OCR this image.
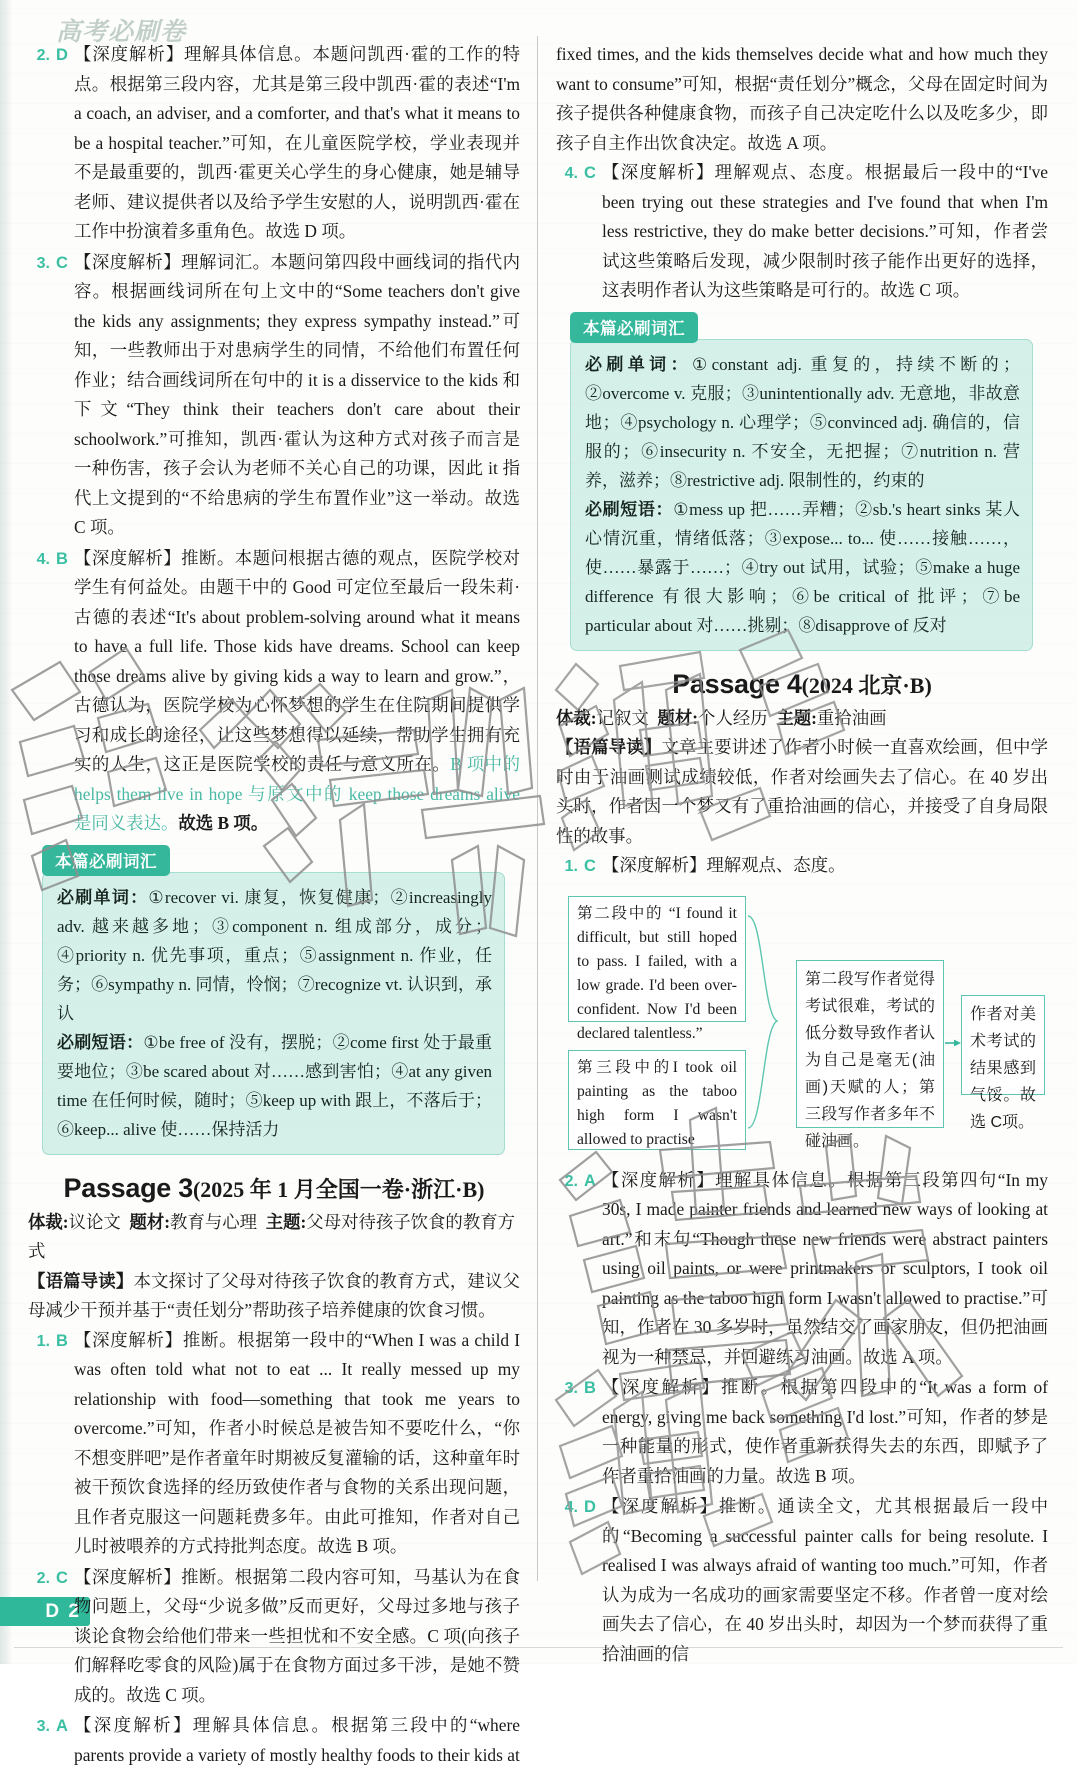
高考必刷卷
D 2
2. D 【深度解析】理解具体信息。本题问凯西·霍的工作的特点。根据第三段内容，尤其是第三段中凯西·霍的表述“I'm a coach, an adviser, and a comforter, and that's what it means to be a hospital teacher.”可知，在儿童医院学校，学业表现并不是最重要的，凯西·霍更关心学生的身心健康，她是辅导老师、建议提供者以及给予学生安慰的人，说明凯西·霍在工作中扮演着多重角色。故选 D 项。
3. C 【深度解析】理解词汇。本题问第四段中画线词的指代内容。根据画线词所在句上文中的“Some teachers don't give the kids any assignments; they express sympathy instead.”可知，一些教师出于对患病学生的同情，不给他们布置任何作业；结合画线词所在句中的 it is a disservice to the kids 和下文“They think their teachers don't care about their schoolwork.”可推知，凯西·霍认为这种方式对孩子而言是一种伤害，孩子会认为老师不关心自己的功课，因此 it 指代上文提到的“不给患病的学生布置作业”这一举动。故选 C 项。
4. B 【深度解析】推断。本题问根据古德的观点，医院学校对学生有何益处。由题干中的 Good 可定位至最后一段朱莉·古德的表述“It's about problem-solving around what it means to have a full life. Those kids have dreams. School can keep those dreams alive by giving kids a way to learn and grow.”，古德认为，医院学校为心怀梦想的学生在住院期间提供学习和成长的途径，让这些梦想得以延续，帮助学生拥有充实的人生，这正是医院学校的责任与意义所在。B 项中的 helps them live in hope 与原文中的 keep those dreams alive 是同义表达。故选 B 项。
本篇必刷词汇
必刷单词：①recover vi. 康复，恢复健康；②increasingly adv. 越来越多地；③component n. 组成部分，成分；④priority n. 优先事项，重点；⑤assignment n. 作业，任务；⑥sympathy n. 同情，怜悯；⑦recognize vt. 认识到，承认
必刷短语：①be free of 没有，摆脱；②come first 处于最重要地位；③be scared about 对……感到害怕；④at any given time 在任何时候，随时；⑤keep up with 跟上，不落后于；⑥keep... alive 使……保持活力
Passage 3(2025 年 1 月全国一卷·浙江·B)
体裁:议论文 题材:教育与心理 主题:父母对待孩子饮食的教育方式
【语篇导读】本文探讨了父母对待孩子饮食的教育方式，建议父母减少干预并基于“责任划分”帮助孩子培养健康的饮食习惯。
1. B 【深度解析】推断。根据第一段中的“When I was a child I was often told what not to eat ... It really messed up my relationship with food—something that took me years to overcome.”可知，作者小时候总是被告知不要吃什么，“你不想变胖吧”是作者童年时期被反复灌输的话，这种童年时被干预饮食选择的经历致使作者与食物的关系出现问题，且作者克服这一问题耗费多年。由此可推知，作者对自己儿时被喂养的方式持批判态度。故选 B 项。
2. C 【深度解析】推断。根据第二段内容可知，马基认为在食物问题上，父母“少说多做”反而更好，父母过多地与孩子谈论食物会给他们带来一些担忧和不安全感。C 项(向孩子们解释吃零食的风险)属于在食物方面过多干涉，是她不赞成的。故选 C 项。
3. A 【深度解析】理解具体信息。根据第三段中的“where parents provide a variety of mostly healthy foods to their kids at
fixed times, and the kids themselves decide what and how much they want to consume”可知，根据“责任划分”概念，父母在固定时间为孩子提供各种健康食物，而孩子自己决定吃什么以及吃多少，即孩子自主作出饮食决定。故选 A 项。
4. C 【深度解析】理解观点、态度。根据最后一段中的“I've been trying out these strategies and I've found that when I'm less restrictive, they do make better decisions.”可知，作者尝试这些策略后发现，减少限制时孩子能作出更好的选择，这表明作者认为这些策略是可行的。故选 C 项。
本篇必刷词汇
必刷单词：①constant adj. 重复的，持续不断的；②overcome v. 克服；③unintentionally adv. 无意地，非故意地；④psychology n. 心理学；⑤convinced adj. 确信的，信服的；⑥insecurity n. 不安全，无把握；⑦nutrition n. 营养，滋养；⑧restrictive adj. 限制性的，约束的
必刷短语：①mess up 把……弄糟；②sb.'s heart sinks 某人心情沉重，情绪低落；③expose... to... 使……接触……，使……暴露于……；④try out 试用，试验；⑤make a huge difference 有很大影响；⑥be critical of 批评；⑦be particular about 对……挑剔；⑧disapprove of 反对
Passage 4(2024 北京·B)
体裁:记叙文 题材:个人经历 主题:重拾油画
【语篇导读】文章主要讲述了作者小时候一直喜欢绘画，但中学时由于油画测试成绩较低，作者对绘画失去了信心。在 40 岁出头时，作者因一个梦又有了重拾油画的信心，并接受了自身局限性的故事。
1. C 【深度解析】理解观点、态度。
第二段中的 “I found it difficult, but still hoped to pass. I failed, with a low grade. I'd been over-confident. Now I'd been declared talentless.”
第三段中的I took oil painting as the taboo high form I wasn't allowed to practise
第二段写作者觉得考试很难，考试的低分数导致作者认为自己是毫无(油画)天赋的人；第三段写作者多年不碰油画。
作者对美术考试的结果感到气馁。故选 C项。
2. A 【深度解析】理解具体信息。根据第三段第四句“In my 30s, I made painter friends and learned new ways of looking at art.”和末句“Though these new friends were abstract painters using oil paints, or were printmakers or sculptors, I took oil painting as the taboo high form I wasn't allowed to practise.”可知，作者在 30 多岁时，虽然结交了画家朋友，但仍把油画视为一种禁忌，并回避练习油画。故选 A 项。
3. B 【深度解析】推断。根据第四段中的“It was a form of energy, giving me back something I'd lost.”可知，作者的梦是一种能量的形式，使作者重新获得失去的东西，即赋予了作者重拾油画的力量。故选 B 项。
4. D 【深度解析】推断。通读全文，尤其根据最后一段中的“Becoming a successful painter calls for being resolute. I realised I was always afraid of wanting too much.”可知，作者认为成为一名成功的画家需要坚定不移。作者曾一度对绘画失去了信心，在 40 岁出头时，却因为一个梦而获得了重拾油画的信
